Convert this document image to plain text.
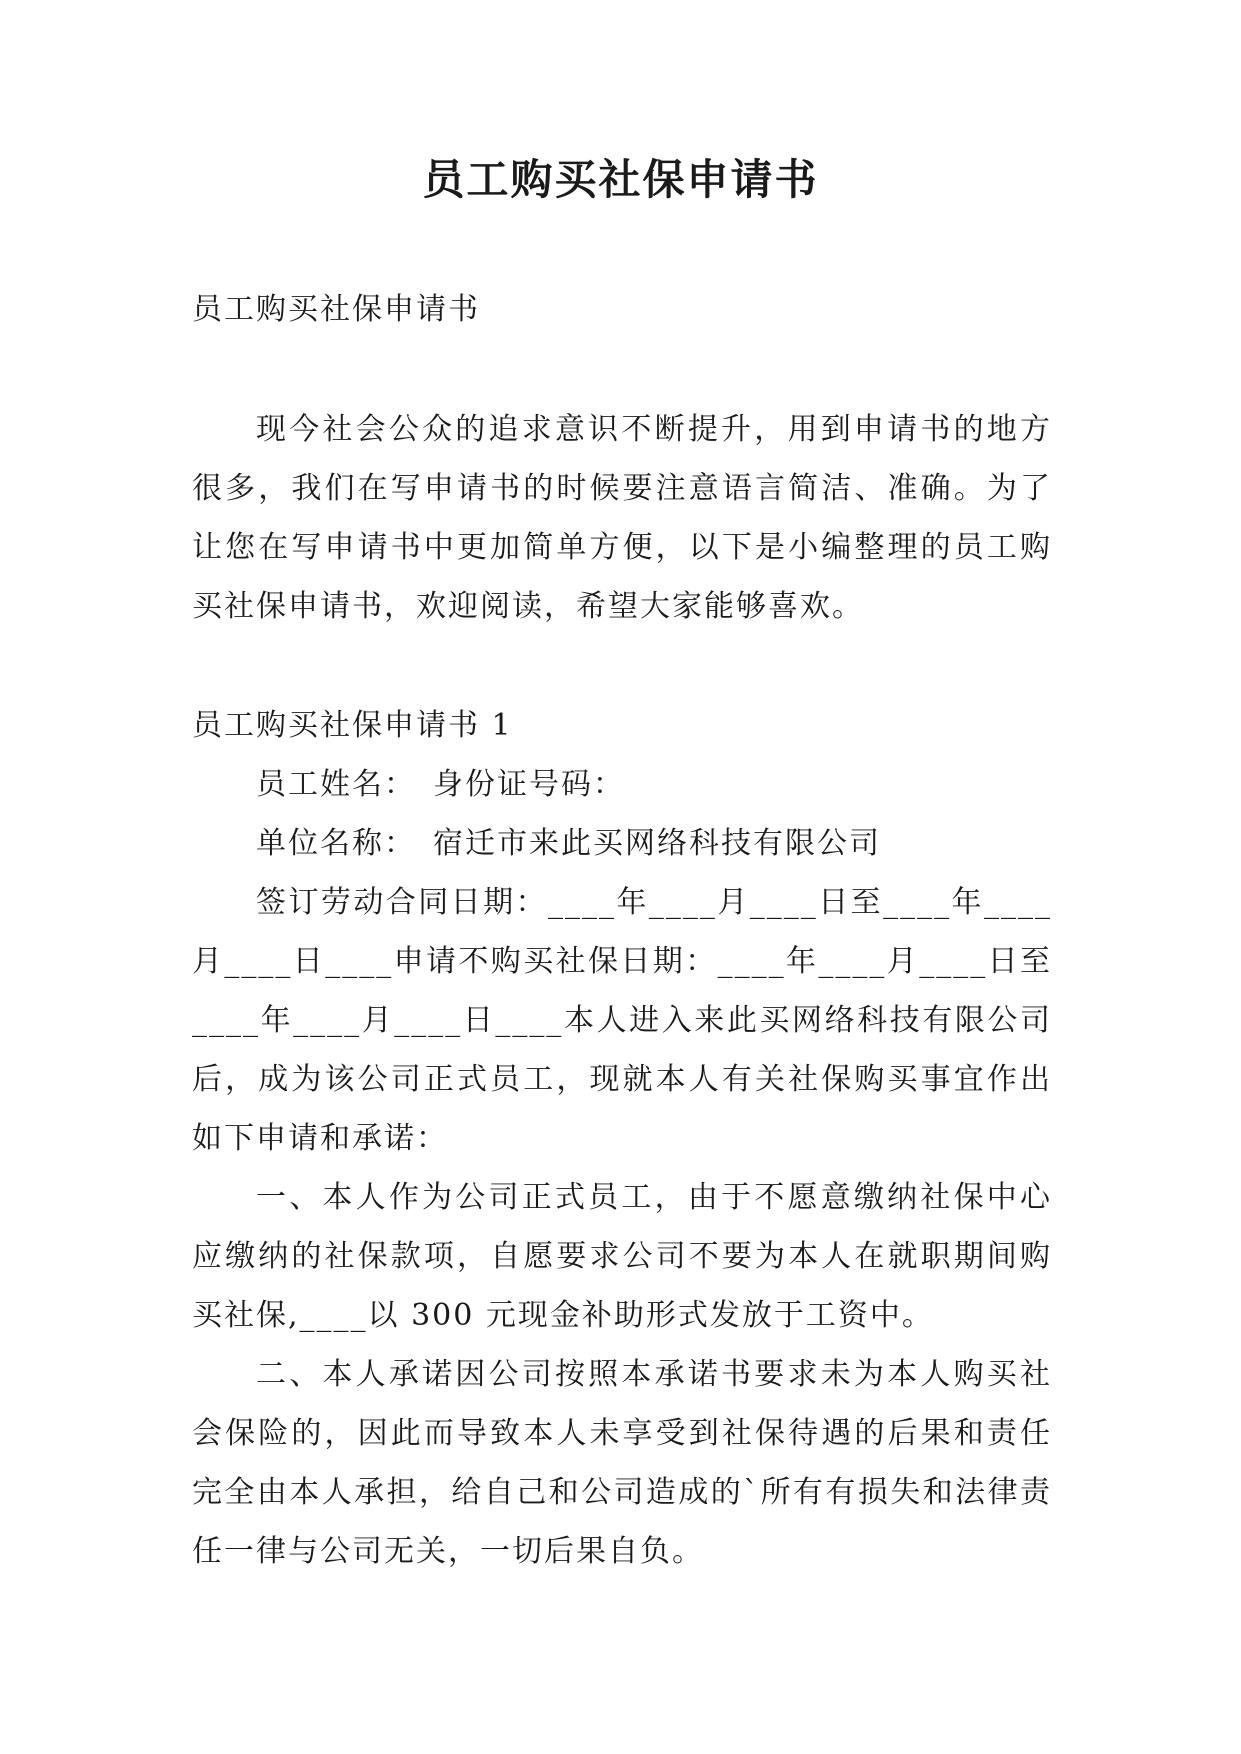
员工购买社保申请书
员工购买社保申请书

现今社会公众的追求意识不断提升，用到申请书的地方很多，我们在写申请书的时候要注意语言简洁、准确。为了让您在写申请书中更加简单方便，以下是小编整理的员工购买社保申请书，欢迎阅读，希望大家能够喜欢。

员工购买社保申请书 1

员工姓名：　身份证号码：

单位名称：　宿迁市来此买网络科技有限公司

签订劳动合同日期：____年____月____日至____年____月____日____申请不购买社保日期：____年____月____日至____年____月____日____本人进入来此买网络科技有限公司后，成为该公司正式员工，现就本人有关社保购买事宜作出如下申请和承诺：

一、本人作为公司正式员工，由于不愿意缴纳社保中心应缴纳的社保款项，自愿要求公司不要为本人在就职期间购买社保,____以 300 元现金补助形式发放于工资中。

二、本人承诺因公司按照本承诺书要求未为本人购买社会保险的，因此而导致本人未享受到社保待遇的后果和责任完全由本人承担，给自己和公司造成的`所有有损失和法律责任一律与公司无关，一切后果自负。
